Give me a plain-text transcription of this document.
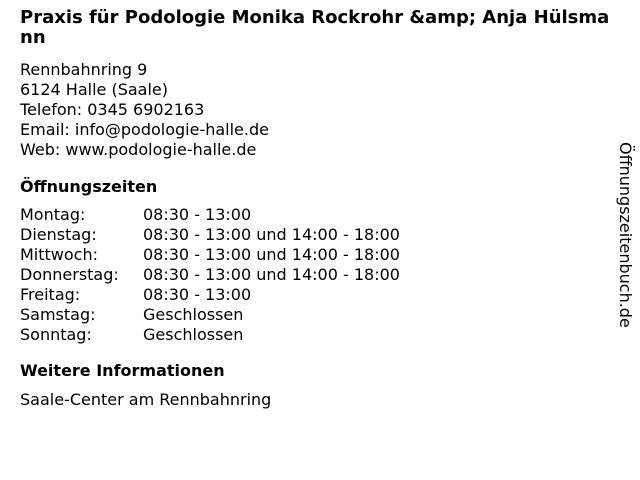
Praxis für Podologie Monika Rockrohr &amp; Anja Hülsmann
Rennbahnring 9
6124 Halle (Saale)
Telefon: 0345 6902163
Email: info@podologie-halle.de
Web: www.podologie-halle.de
Öffnungszeiten
Montag:	08:30 - 13:00
Dienstag:	08:30 - 13:00 und 14:00 - 18:00
Mittwoch:	08:30 - 13:00 und 14:00 - 18:00
Donnerstag:	08:30 - 13:00 und 14:00 - 18:00
Freitag:	08:30 - 13:00
Samstag:	Geschlossen
Sonntag:	Geschlossen
Weitere Informationen
Saale-Center am Rennbahnring
Öffnungszeitenbuch.de
